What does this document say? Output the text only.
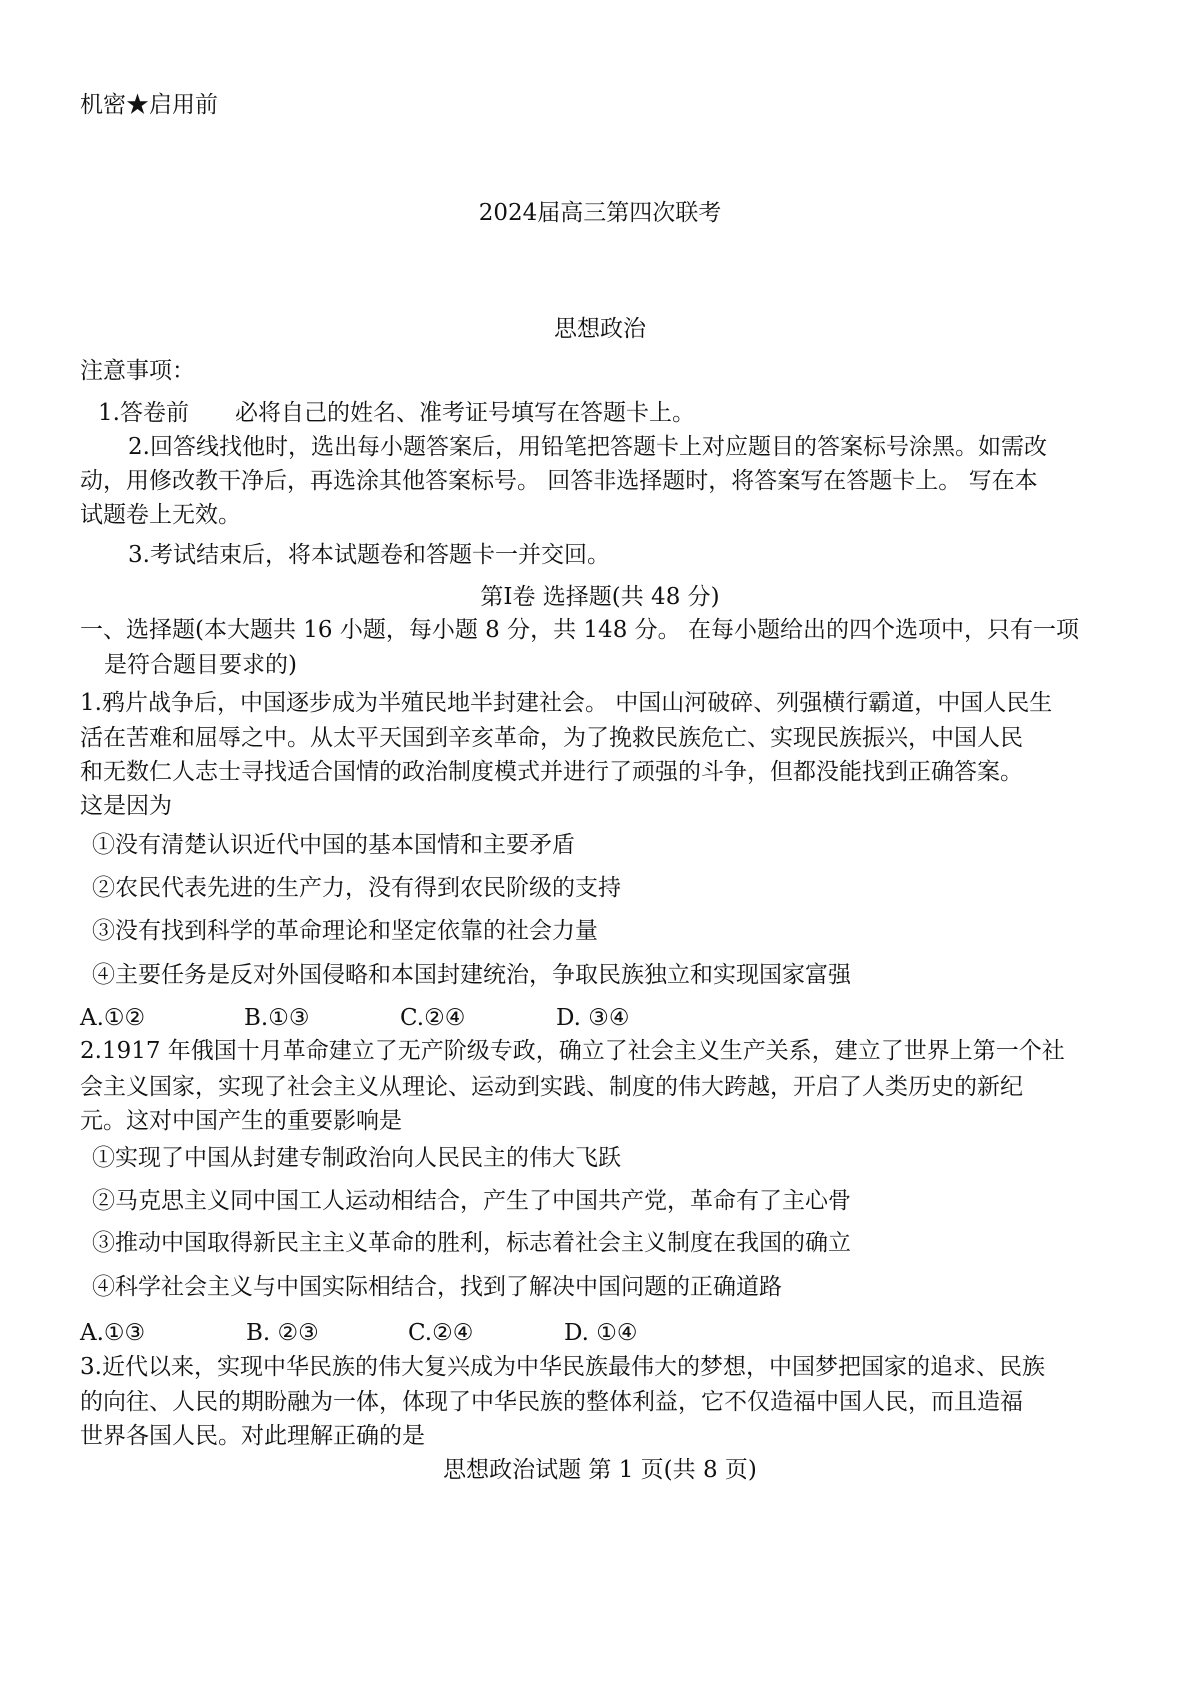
机密★启用前
2024届高三第四次联考
思想政治
注意事项：
1.答卷前　　必将自己的姓名、准考证号填写在答题卡上。
2.回答线找他时，选出每小题答案后，用铅笔把答题卡上对应题目的答案标号涂黑。如需改
动，用修改教干净后，再选涂其他答案标号。 回答非选择题时，将答案写在答题卡上。 写在本
试题卷上无效。
3.考试结束后，将本试题卷和答题卡一并交回。
第I卷 选择题(共 48 分)
一、选择题(本大题共 16 小题，每小题 8 分，共 148 分。 在每小题给出的四个选项中，只有一项
是符合题目要求的)
1.鸦片战争后，中国逐步成为半殖民地半封建社会。 中国山河破碎、列强横行霸道，中国人民生
活在苦难和屈辱之中。从太平天国到辛亥革命，为了挽救民族危亡、实现民族振兴，中国人民
和无数仁人志士寻找适合国情的政治制度模式并进行了顽强的斗争，但都没能找到正确答案。
这是因为
①没有清楚认识近代中国的基本国情和主要矛盾
②农民代表先进的生产力，没有得到农民阶级的支持
③没有找到科学的革命理论和坚定依靠的社会力量
④主要任务是反对外国侵略和本国封建统治，争取民族独立和实现国家富强
A.①②	B.①③	C.②④	D. ③④
2.1917 年俄国十月革命建立了无产阶级专政，确立了社会主义生产关系，建立了世界上第一个社
会主义国家，实现了社会主义从理论、运动到实践、制度的伟大跨越，开启了人类历史的新纪
元。这对中国产生的重要影响是
①实现了中国从封建专制政治向人民民主的伟大飞跃
②马克思主义同中国工人运动相结合，产生了中国共产党，革命有了主心骨
③推动中国取得新民主主义革命的胜利，标志着社会主义制度在我国的确立
④科学社会主义与中国实际相结合，找到了解决中国问题的正确道路
A.①③	B. ②③	C.②④	D. ①④
3.近代以来，实现中华民族的伟大复兴成为中华民族最伟大的梦想，中国梦把国家的追求、民族
的向往、人民的期盼融为一体，体现了中华民族的整体利益，它不仅造福中国人民，而且造福
世界各国人民。对此理解正确的是
思想政治试题 第 1 页(共 8 页)
